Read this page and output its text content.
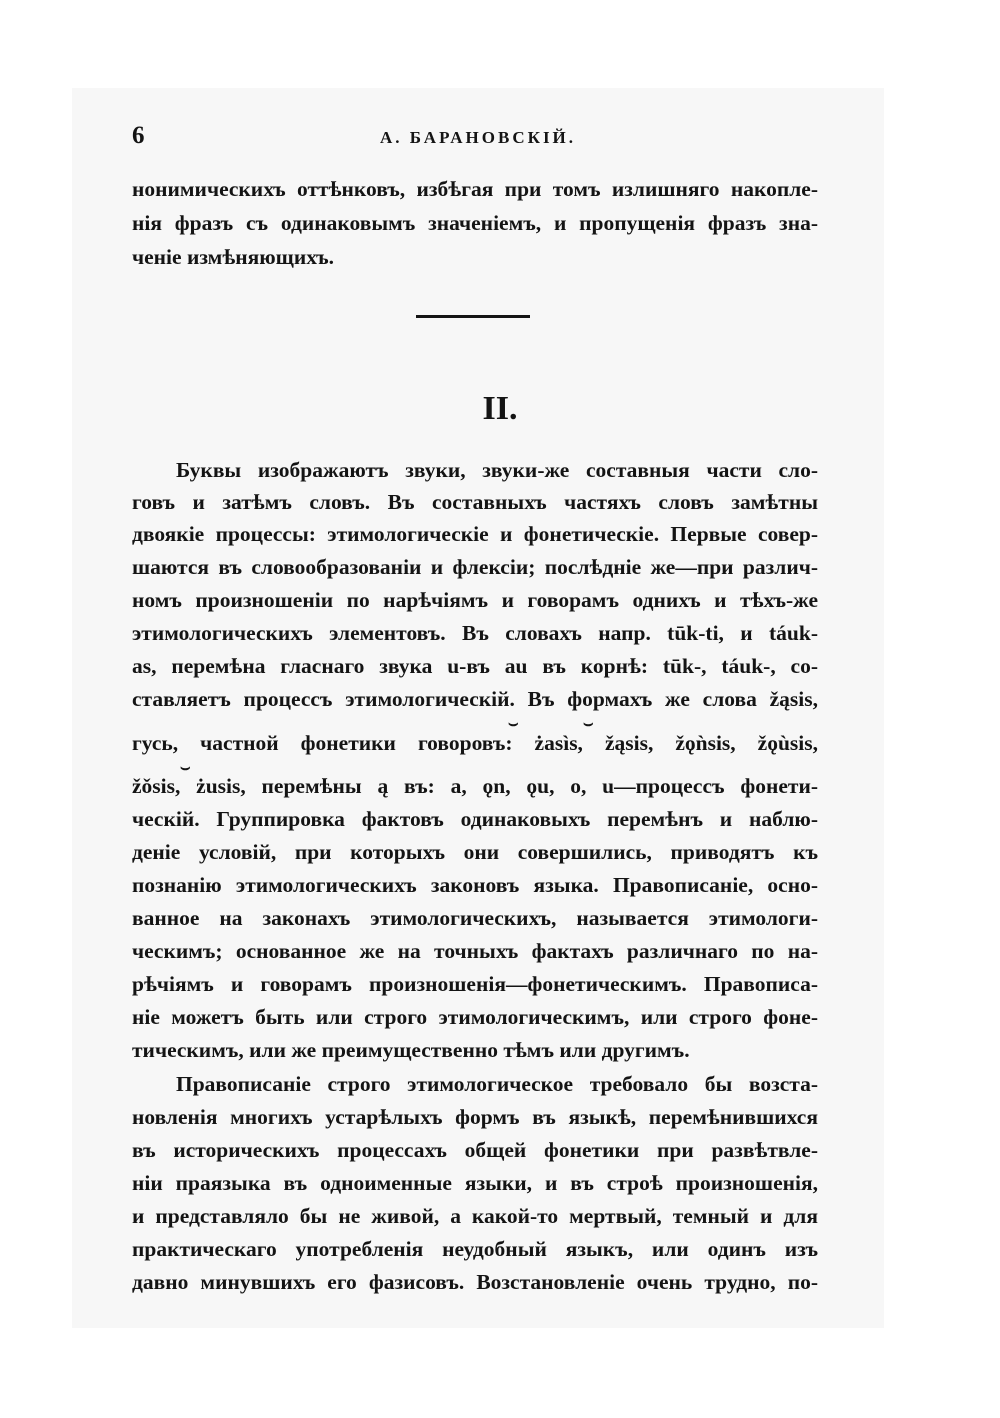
6	А. БАРАНОВСКІЙ.
нонимическихъ оттѣнковъ, избѣгая при томъ излишняго накопле-
нія фразъ съ одинаковымъ значеніемъ, и пропущенія фразъ зна-
ченіе измѣняющихъ.
II.
Буквы изображаютъ звуки, звуки-же составныя части сло-
говъ и затѣмъ словъ. Въ составныхъ частяхъ словъ замѣтны
двоякіе процессы: этимологическіе и фонетическіе. Первые совер-
шаются въ словообразованіи и флексіи; послѣдніе же—при различ-
номъ произношеніи по нарѣчіямъ и говорамъ однихъ и тѣхъ-же
этимологическихъ элементовъ. Въ словахъ напр. tūk-ti, и táuk-
as, перемѣна гласнаго звука u-въ au въ корнѣ: tūk-, táuk-, со-
ставляетъ процессъ этимологическій. Въ формахъ же слова žąsis,
⌣	⌣
гусь, частной фонетики говоровъ: żasìs, žąsis, žǫǹsis, žǫùsis,
⌣
žǒsis, żusis, перемѣны ą въ: a, ǫn, ǫu, o, u—процессъ фонети-
ческій. Группировка фактовъ одинаковыхъ перемѣнъ и наблю-
деніе условій, при которыхъ они совершились, приводятъ къ
познанію этимологическихъ законовъ языка. Правописаніе, осно-
ванное на законахъ этимологическихъ, называется этимологи-
ческимъ; основанное же на точныхъ фактахъ различнаго по на-
рѣчіямъ и говорамъ произношенія—фонетическимъ. Правописа-
ніе можетъ быть или строго этимологическимъ, или строго фоне-
тическимъ, или же преимущественно тѣмъ или другимъ.
Правописаніе строго этимологическое требовало бы возста-
новленія многихъ устарѣлыхъ формъ въ языкѣ, перемѣнившихся
въ историческихъ процессахъ общей фонетики при развѣтвле-
ніи праязыка въ одноименные языки, и въ строѣ произношенія,
и представляло бы не живой, а какой-то мертвый, темный и для
практическаго употребленія неудобный языкъ, или одинъ изъ
давно минувшихъ его фазисовъ. Возстановленіе очень трудно, по-
